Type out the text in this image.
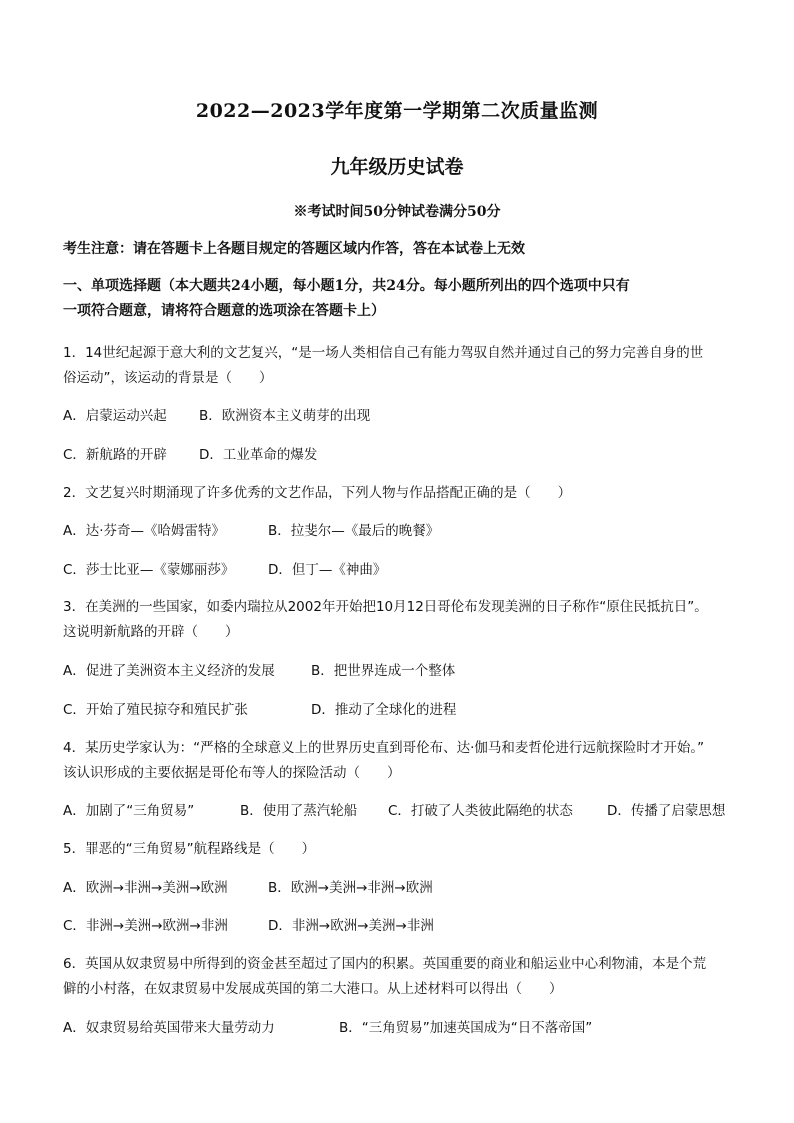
2022—2023学年度第一学期第二次质量监测
九年级历史试卷
※考试时间50分钟试卷满分50分
考生注意：请在答题卡上各题目规定的答题区域内作答，答在本试卷上无效
一、单项选择题（本大题共24小题，每小题1分，共24分。每小题所列出的四个选项中只有
一项符合题意，请将符合题意的选项涂在答题卡上）
1．14世纪起源于意大利的文艺复兴，“是一场人类相信自己有能力驾驭自然并通过自己的努力完善自身的世
俗运动”，该运动的背景是（　　）
A．启蒙运动兴起 B．欧洲资本主义萌芽的出现
C．新航路的开辟 D．工业革命的爆发
2．文艺复兴时期涌现了许多优秀的文艺作品，下列人物与作品搭配正确的是（　　）
A．达·芬奇—《哈姆雷特》	B．拉斐尔—《最后的晚餐》
C．莎士比亚—《蒙娜丽莎》 D．但丁—《神曲》
3．在美洲的一些国家，如委内瑞拉从2002年开始把10月12日哥伦布发现美洲的日子称作“原住民抵抗日”。
这说明新航路的开辟（　　）
A．促进了美洲资本主义经济的发展	B．把世界连成一个整体
C．开始了殖民掠夺和殖民扩张	D．推动了全球化的进程
4．某历史学家认为：“严格的全球意义上的世界历史直到哥伦布、达·伽马和麦哲伦进行远航探险时才开始。”
该认识形成的主要依据是哥伦布等人的探险活动（　　）
A．加剧了“三角贸易”	B．使用了蒸汽轮船 C．打破了人类彼此隔绝的状态	D．传播了启蒙思想
5．罪恶的“三角贸易”航程路线是（　　）
A．欧洲→非洲→美洲→欧洲	B．欧洲→美洲→非洲→欧洲
C．非洲→美洲→欧洲→非洲	D．非洲→欧洲→美洲→非洲
6．英国从奴隶贸易中所得到的资金甚至超过了国内的积累。英国重要的商业和船运业中心利物浦，本是个荒
僻的小村落，在奴隶贸易中发展成英国的第二大港口。从上述材料可以得出（　　）
A．奴隶贸易给英国带来大量劳动力	B．“三角贸易”加速英国成为“日不落帝国”
